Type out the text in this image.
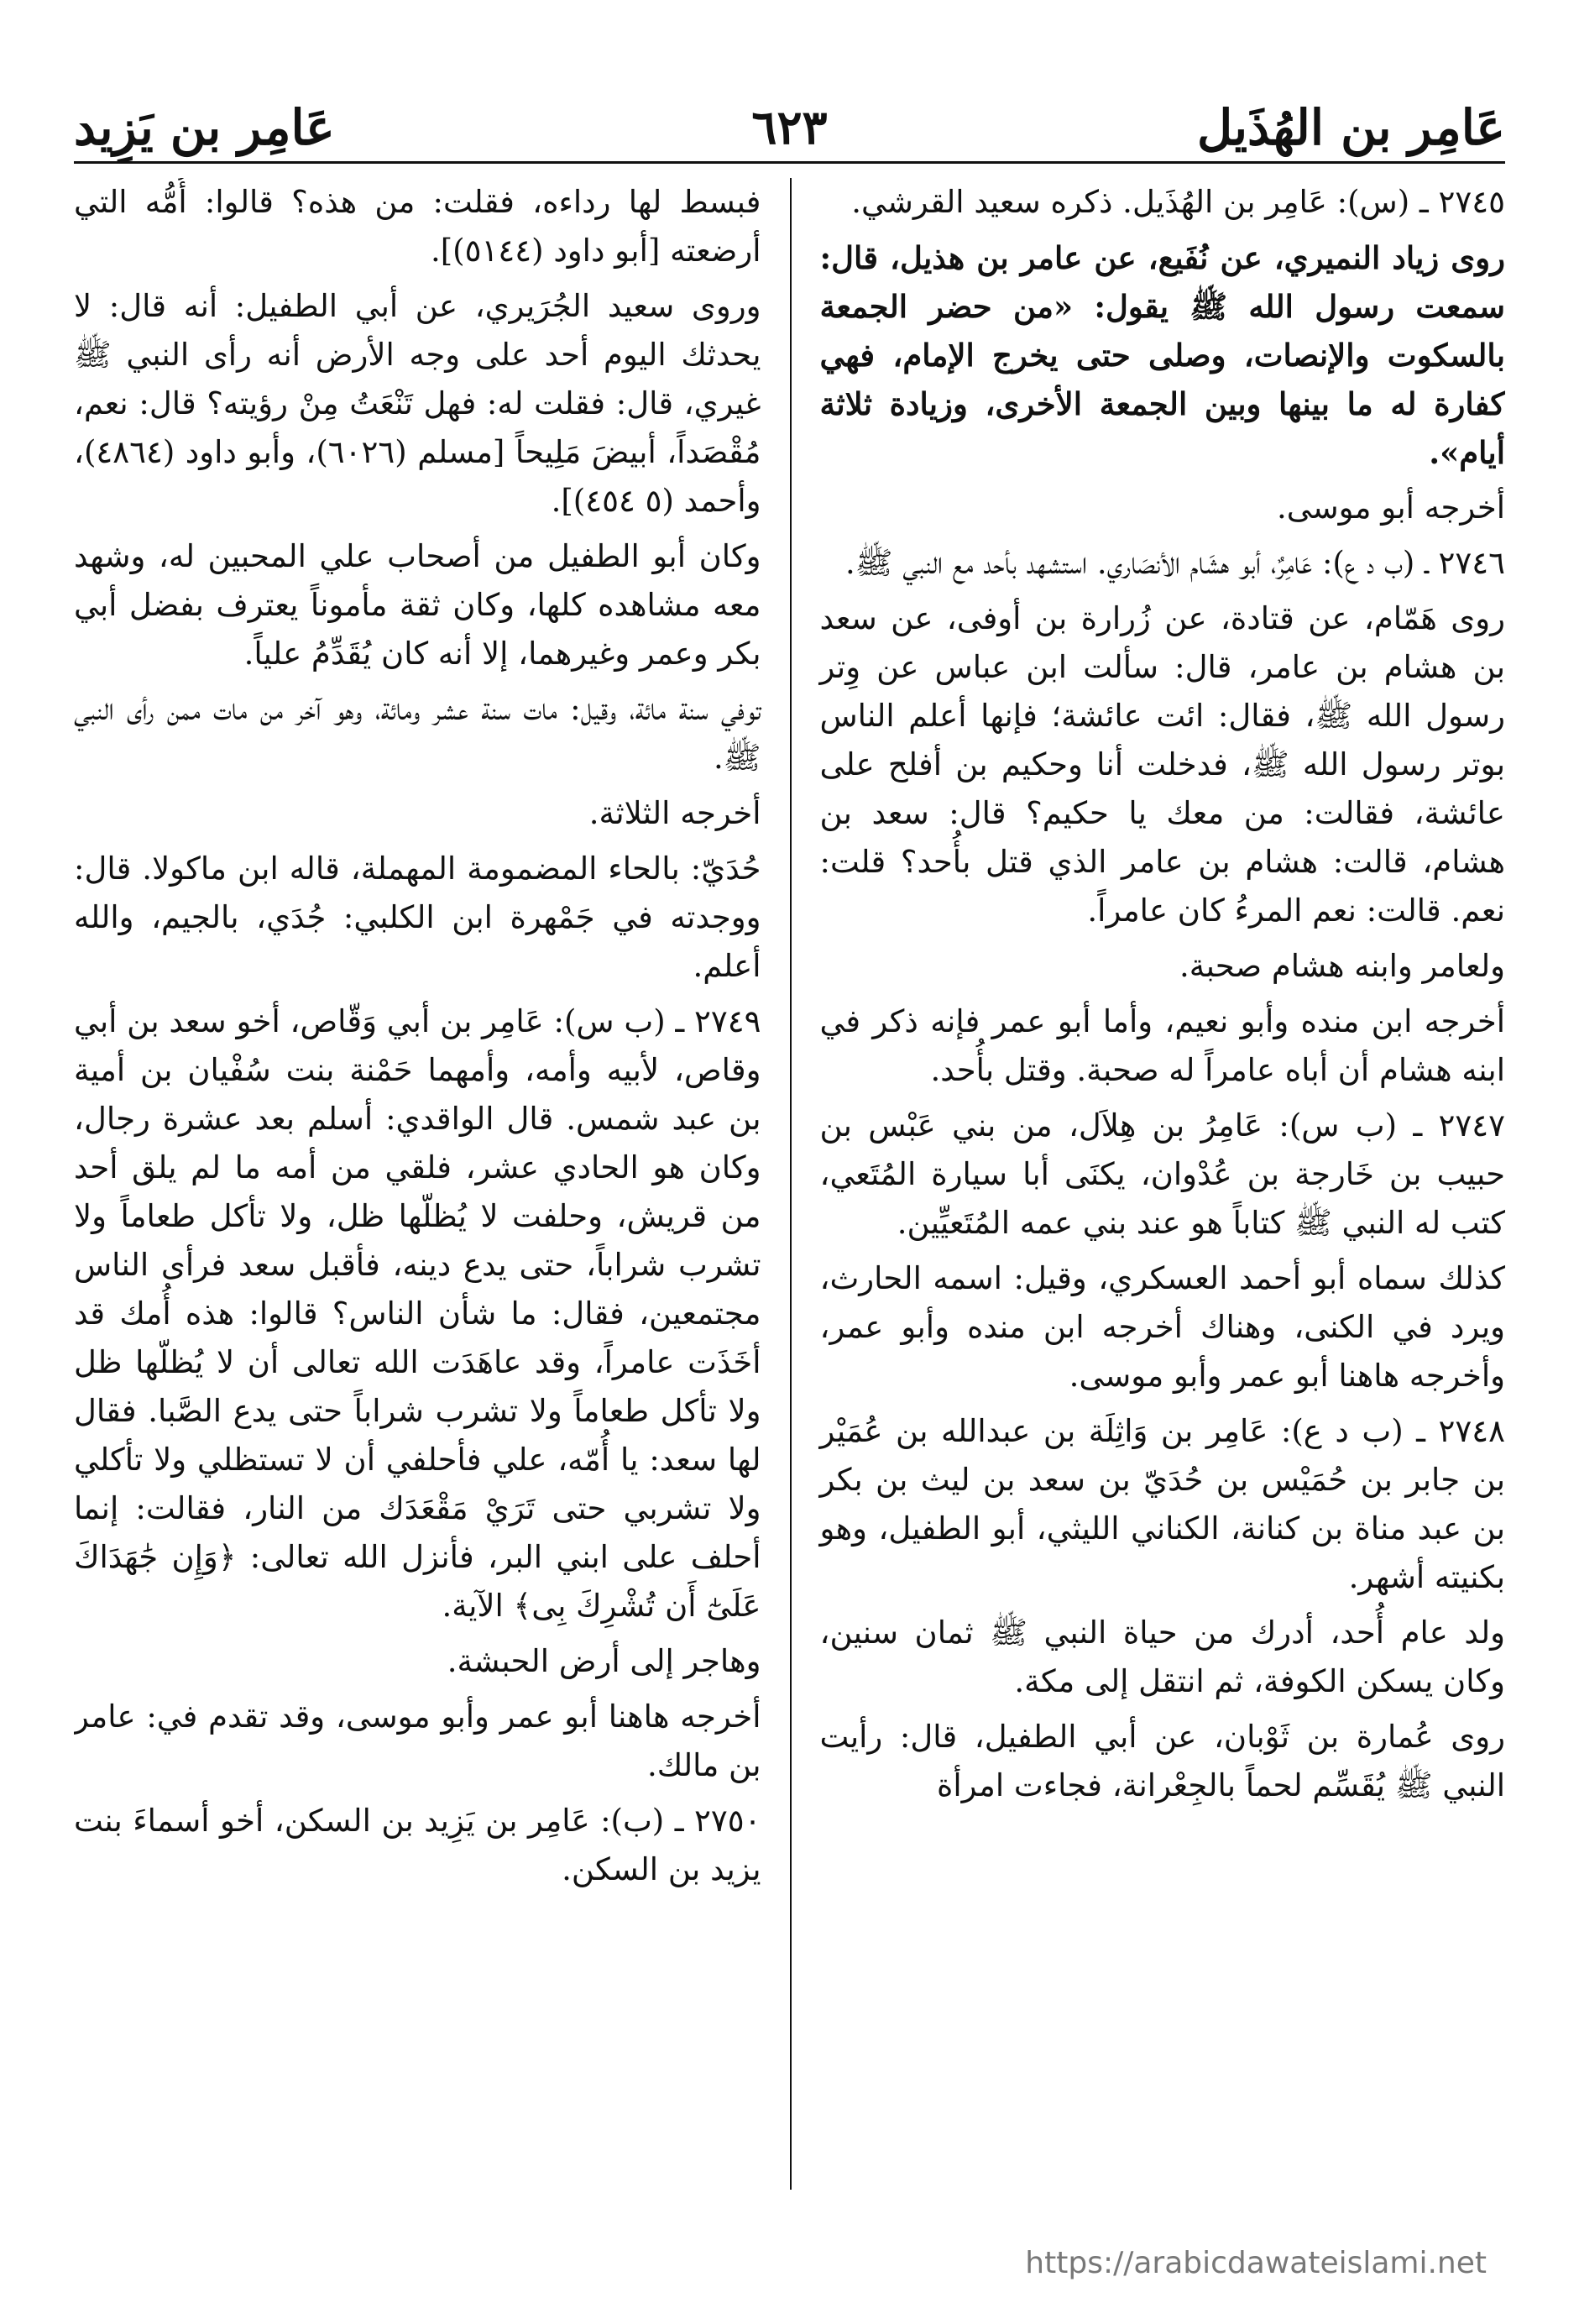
عَامِر بن الهُذَيل
٦٢٣
عَامِر بن يَزِيد

٢٧٤٥ ـ (س): عَامِر بن الهُذَيل. ذكره سعيد القرشي.

روى زياد النميري، عن نُفَيع، عن عامر بن هذيل، قال: سمعت رسول الله ﷺ يقول: «من حضر الجمعة بالسكوت والإنصات، وصلى حتى يخرج الإمام، فهي كفارة له ما بينها وبين الجمعة الأخرى، وزيادة ثلاثة أيام».

أخرجه أبو موسى.

٢٧٤٦ ـ (ب د ع): عَامِرٌ، أبو هشَام الأنصَاري. استشهد بأحد مع النبي ﷺ.

روى هَمّام، عن قتادة، عن زُرارة بن أوفى، عن سعد بن هشام بن عامر، قال: سألت ابن عباس عن وِتر رسول الله ﷺ، فقال: ائت عائشة؛ فإنها أعلم الناس بوتر رسول الله ﷺ، فدخلت أنا وحكيم بن أفلح على عائشة، فقالت: من معك يا حكيم؟ قال: سعد بن هشام، قالت: هشام بن عامر الذي قتل بأُحد؟ قلت: نعم. قالت: نعم المرءُ كان عامراً.

ولعامر وابنه هشام صحبة.

أخرجه ابن منده وأبو نعيم، وأما أبو عمر فإنه ذكر في ابنه هشام أن أباه عامراً له صحبة. وقتل بأُحد.

٢٧٤٧ ـ (ب س): عَامِرُ بن هِلاَل، من بني عَبْس بن حبيب بن خَارجة بن عُدْوان، يكنَى أبا سيارة المُتَعي، كتب له النبي ﷺ كتاباً هو عند بني عمه المُتَعيِّين.

كذلك سماه أبو أحمد العسكري، وقيل: اسمه الحارث، ويرد في الكنى، وهناك أخرجه ابن منده وأبو عمر، وأخرجه هاهنا أبو عمر وأبو موسى.

٢٧٤٨ ـ (ب د ع): عَامِر بن وَاثِلَة بن عبدالله بن عُمَيْر بن جابر بن حُمَيْس بن حُدَيّ بن سعد بن ليث بن بكر بن عبد مناة بن كنانة، الكناني الليثي، أبو الطفيل، وهو بكنيته أشهر.

ولد عام أُحد، أدرك من حياة النبي ﷺ ثمان سنين، وكان يسكن الكوفة، ثم انتقل إلى مكة.

روى عُمارة بن ثَوْبان، عن أبي الطفيل، قال: رأيت النبي ﷺ يُقَسِّم لحماً بالجِعْرانة، فجاءت امرأة

فبسط لها رداءه، فقلت: من هذه؟ قالوا: أُمُّه التي أرضعته [أبو داود (٥١٤٤)].

وروى سعيد الجُرَيري، عن أبي الطفيل: أنه قال: لا يحدثك اليوم أحد على وجه الأرض أنه رأى النبي ﷺ غيري، قال: فقلت له: فهل تَنْعَتُ مِنْ رؤيته؟ قال: نعم، مُقْصَداً، أبيضَ مَلِيحاً [مسلم (٦٠٢٦)، وأبو داود (٤٨٦٤)، وأحمد (٥ ٤٥٤)].

وكان أبو الطفيل من أصحاب علي المحبين له، وشهد معه مشاهده كلها، وكان ثقة مأموناً يعترف بفضل أبي بكر وعمر وغيرهما، إلا أنه كان يُقَدِّمُ علياً.

توفي سنة مائة، وقيل: مات سنة عشر ومائة، وهو آخر من مات ممن رأى النبي ﷺ.

أخرجه الثلاثة.

حُدَيّ: بالحاء المضمومة المهملة، قاله ابن ماكولا. قال: ووجدته في جَمْهرة ابن الكلبي: جُدَي، بالجيم، والله أعلم.

٢٧٤٩ ـ (ب س): عَامِر بن أبي وَقّاص، أخو سعد بن أبي وقاص، لأبيه وأمه، وأمهما حَمْنة بنت سُفْيان بن أمية بن عبد شمس. قال الواقدي: أسلم بعد عشرة رجال، وكان هو الحادي عشر، فلقي من أمه ما لم يلق أحد من قريش، وحلفت لا يُظلّها ظل، ولا تأكل طعاماً ولا تشرب شراباً، حتى يدع دينه، فأقبل سعد فرأى الناس مجتمعين، فقال: ما شأن الناس؟ قالوا: هذه أُمك قد أخَذَت عامراً، وقد عاهَدَت الله تعالى أن لا يُظلّها ظل ولا تأكل طعاماً ولا تشرب شراباً حتى يدع الصَّبا. فقال لها سعد: يا أُمّه، علي فأحلفي أن لا تستظلي ولا تأكلي ولا تشربي حتى تَرَيْ مَقْعَدَك من النار، فقالت: إنما أحلف على ابني البر، فأنزل الله تعالى: ﴿وَإِن جَٰهَدَاكَ عَلَىٰٓ أَن تُشْرِكَ بِى﴾ الآية.

وهاجر إلى أرض الحبشة.

أخرجه هاهنا أبو عمر وأبو موسى، وقد تقدم في: عامر بن مالك.

٢٧٥٠ ـ (ب): عَامِر بن يَزِيد بن السكن، أخو أسماءَ بنت يزيد بن السكن.

https://arabicdawateislami.net
